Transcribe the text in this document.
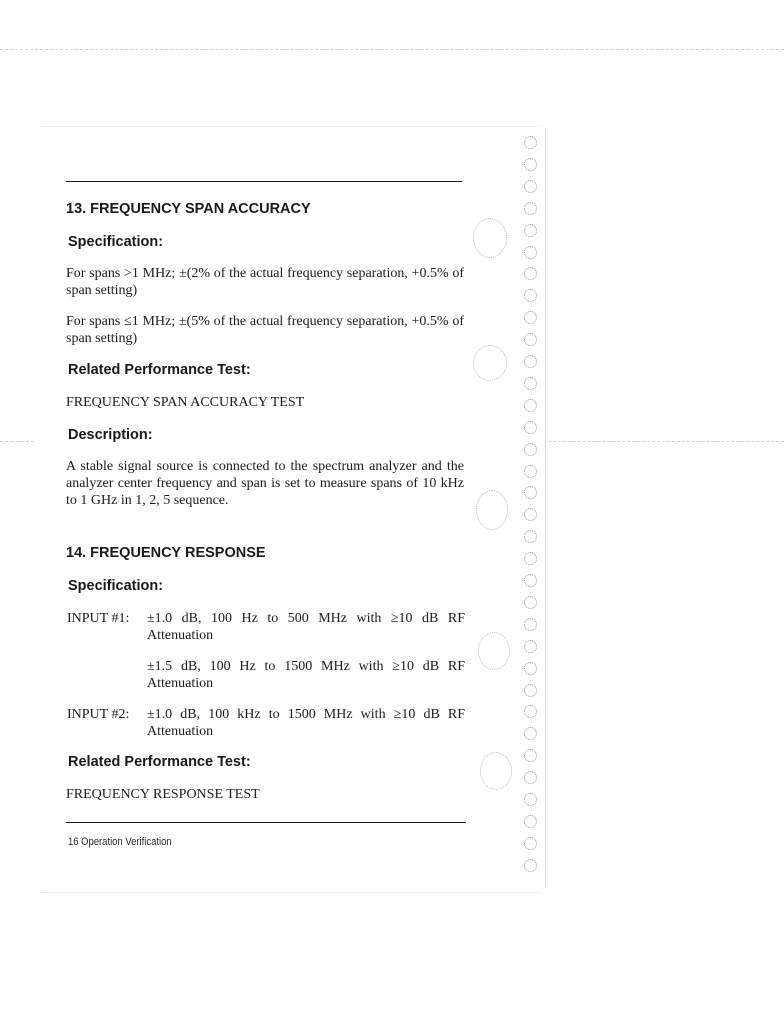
13. FREQUENCY SPAN ACCURACY
Specification:

For spans >1 MHz; ±(2% of the actual frequency separation, +0.5% of span setting)

For spans ≤1 MHz; ±(5% of the actual frequency separation, +0.5% of span setting)

Related Performance Test:

FREQUENCY SPAN ACCURACY TEST

Description:

A stable signal source is connected to the spectrum analyzer and the analyzer center frequency and span is set to measure spans of 10 kHz to 1 GHz in 1, 2, 5 sequence.

14. FREQUENCY RESPONSE
Specification:

INPUT #1: ±1.0 dB, 100 Hz to 500 MHz with ≥10 dB RF Attenuation

±1.5 dB, 100 Hz to 1500 MHz with ≥10 dB RF Attenuation

INPUT #2: ±1.0 dB, 100 kHz to 1500 MHz with ≥10 dB RF Attenuation

Related Performance Test:

FREQUENCY RESPONSE TEST

16 Operation Verification
